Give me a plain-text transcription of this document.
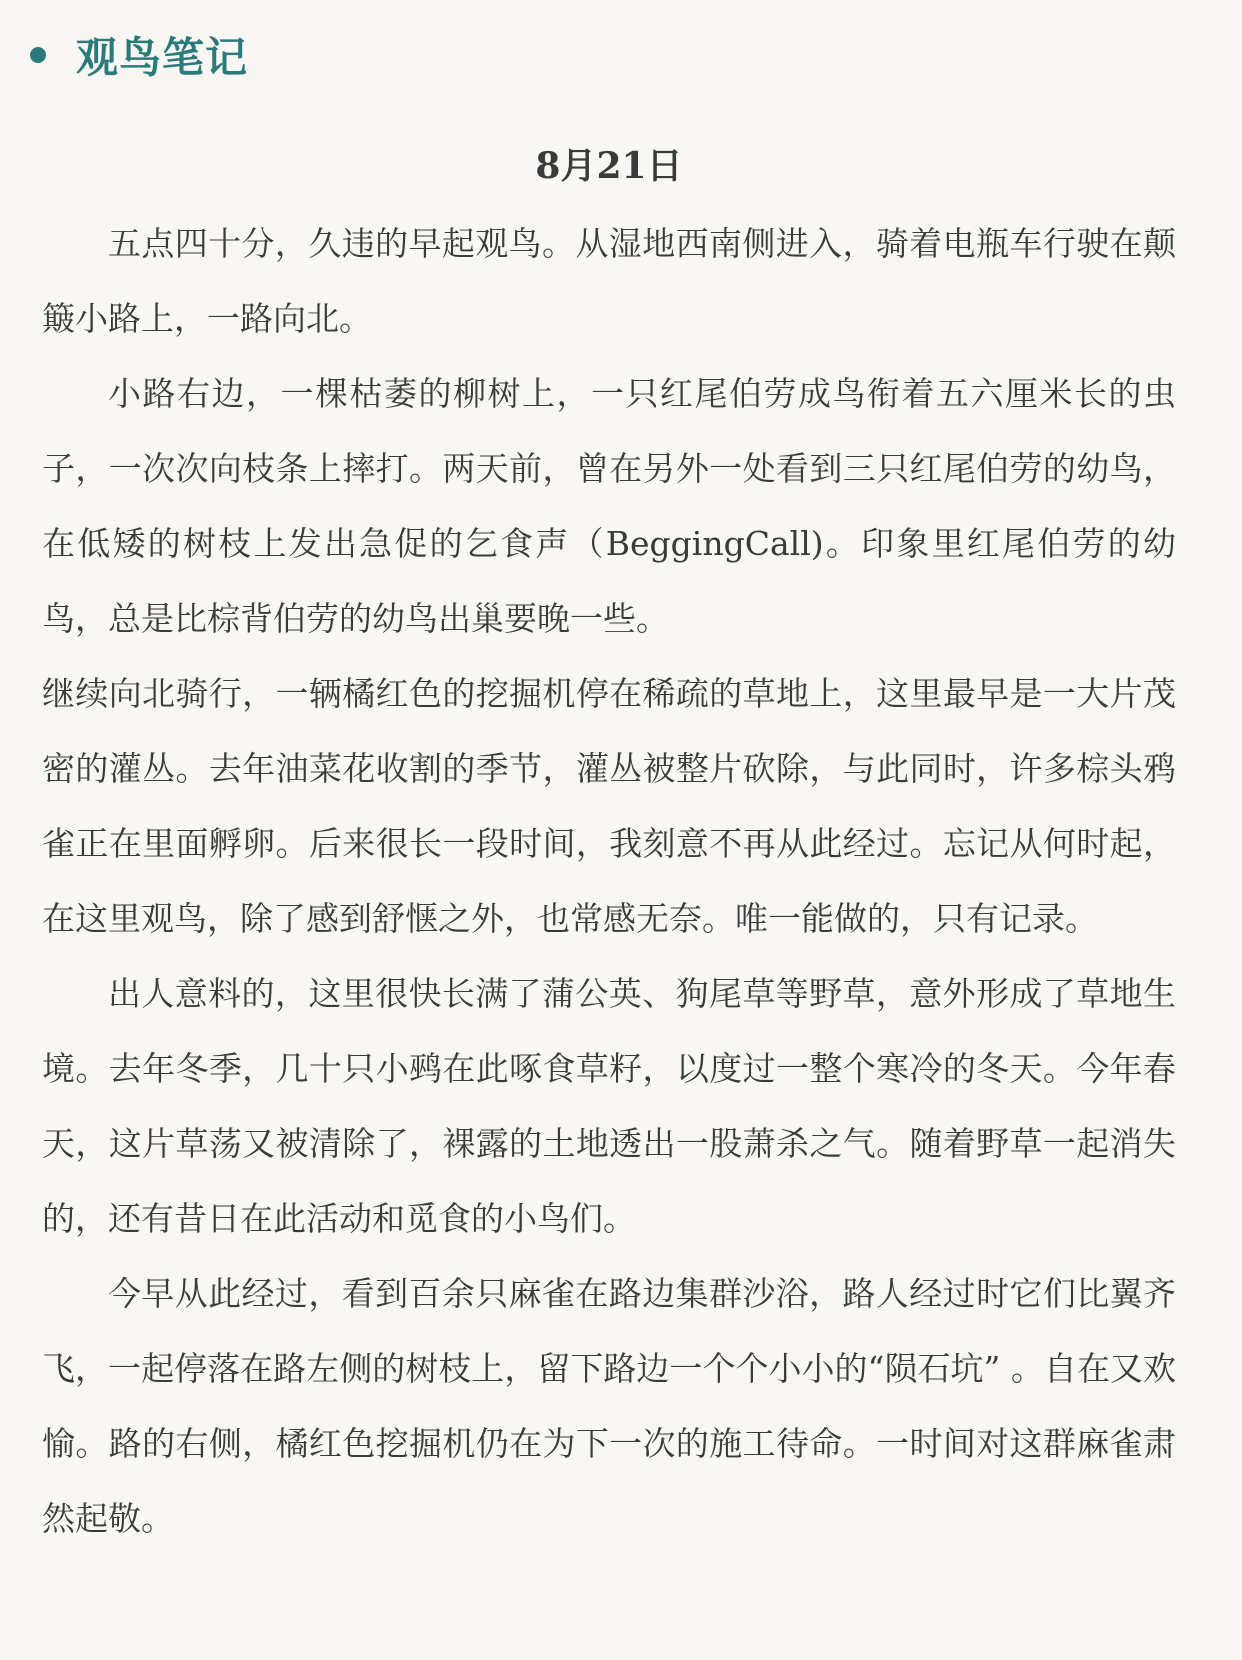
观鸟笔记
8月21日

五点四十分，久违的早起观鸟。从湿地西南侧进入，骑着电瓶车行驶在颠簸小路上，一路向北。

小路右边，一棵枯萎的柳树上，一只红尾伯劳成鸟衔着五六厘米长的虫子，一次次向枝条上摔打。两天前，曾在另外一处看到三只红尾伯劳的幼鸟，在低矮的树枝上发出急促的乞食声（BeggingCall)。印象里红尾伯劳的幼鸟，总是比棕背伯劳的幼鸟出巢要晚一些。

继续向北骑行，一辆橘红色的挖掘机停在稀疏的草地上，这里最早是一大片茂密的灌丛。去年油菜花收割的季节，灌丛被整片砍除，与此同时，许多棕头鸦雀正在里面孵卵。后来很长一段时间，我刻意不再从此经过。忘记从何时起，在这里观鸟，除了感到舒惬之外，也常感无奈。唯一能做的，只有记录。

出人意料的，这里很快长满了蒲公英、狗尾草等野草，意外形成了草地生境。去年冬季，几十只小鹀在此啄食草籽，以度过一整个寒冷的冬天。今年春天，这片草荡又被清除了，裸露的土地透出一股萧杀之气。随着野草一起消失的，还有昔日在此活动和觅食的小鸟们。

今早从此经过，看到百余只麻雀在路边集群沙浴，路人经过时它们比翼齐飞，一起停落在路左侧的树枝上，留下路边一个个小小的“陨石坑” 。自在又欢愉。路的右侧，橘红色挖掘机仍在为下一次的施工待命。一时间对这群麻雀肃然起敬。
